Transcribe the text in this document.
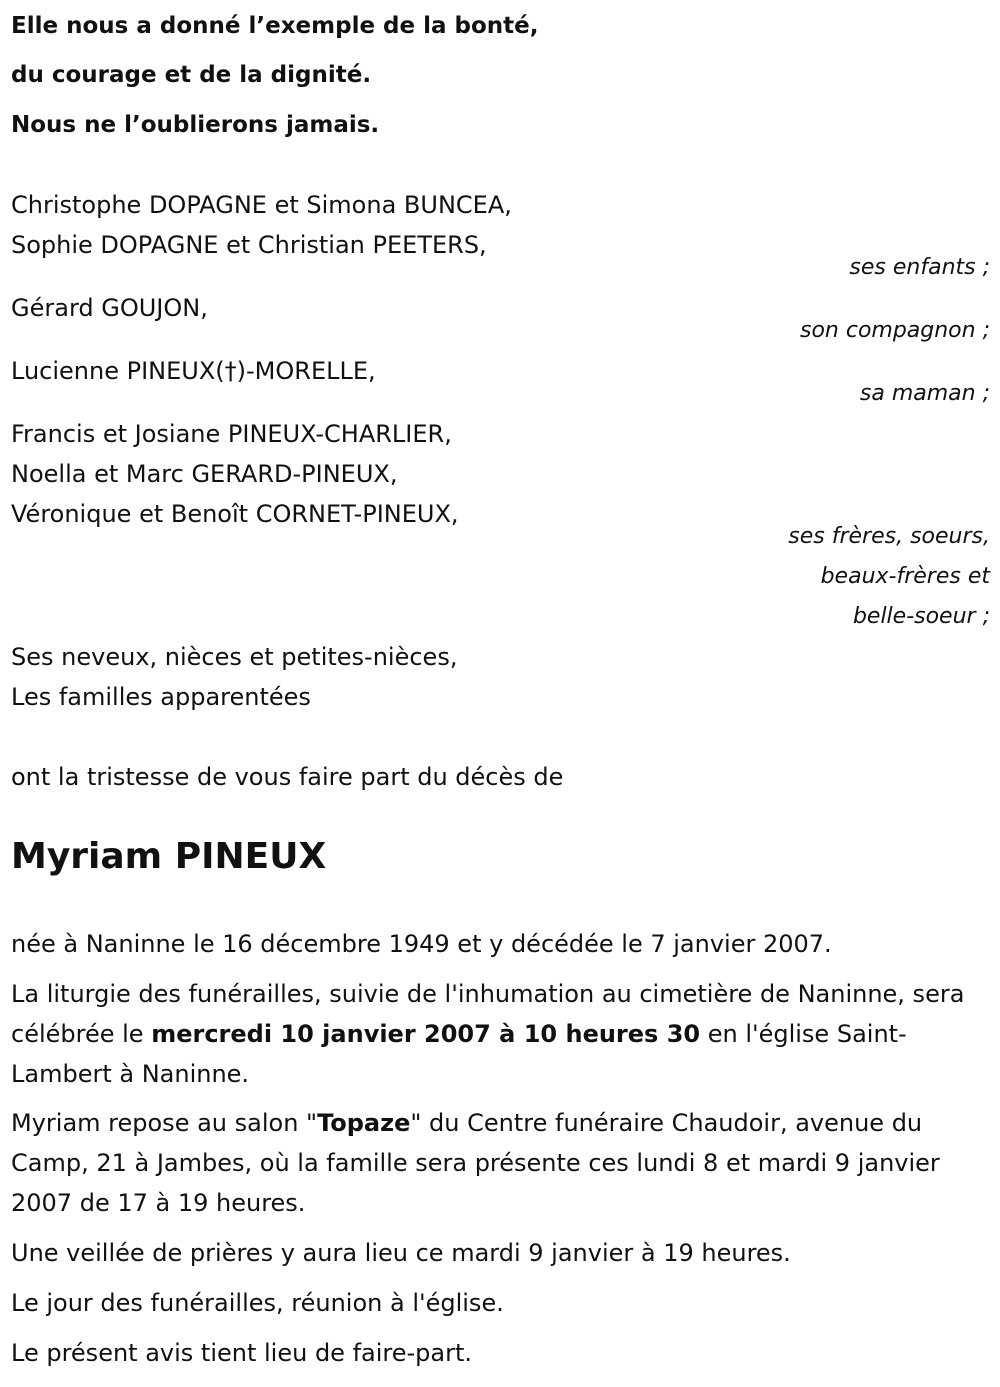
Elle nous a donné l’exemple de la bonté,
du courage et de la dignité.
Nous ne l’oublierons jamais.
Christophe DOPAGNE et Simona BUNCEA,
Sophie DOPAGNE et Christian PEETERS,
ses enfants ;
Gérard GOUJON,
son compagnon ;
Lucienne PINEUX(†)-MORELLE,
sa maman ;
Francis et Josiane PINEUX-CHARLIER,
Noella et Marc GERARD-PINEUX,
Véronique et Benoît CORNET-PINEUX,
ses frères, soeurs,
beaux-frères et
belle-soeur ;
Ses neveux, nièces et petites-nièces,
Les familles apparentées
ont la tristesse de vous faire part du décès de
Myriam PINEUX
née à Naninne le 16 décembre 1949 et y décédée le 7 janvier 2007.
La liturgie des funérailles, suivie de l'inhumation au cimetière de Naninne, sera célébrée le mercredi 10 janvier 2007 à 10 heures 30 en l'église Saint-Lambert à Naninne.
Myriam repose au salon "Topaze" du Centre funéraire Chaudoir, avenue du Camp, 21 à Jambes, où la famille sera présente ces lundi 8 et mardi 9 janvier 2007 de 17 à 19 heures.
Une veillée de prières y aura lieu ce mardi 9 janvier à 19 heures.
Le jour des funérailles, réunion à l'église.
Le présent avis tient lieu de faire-part.
